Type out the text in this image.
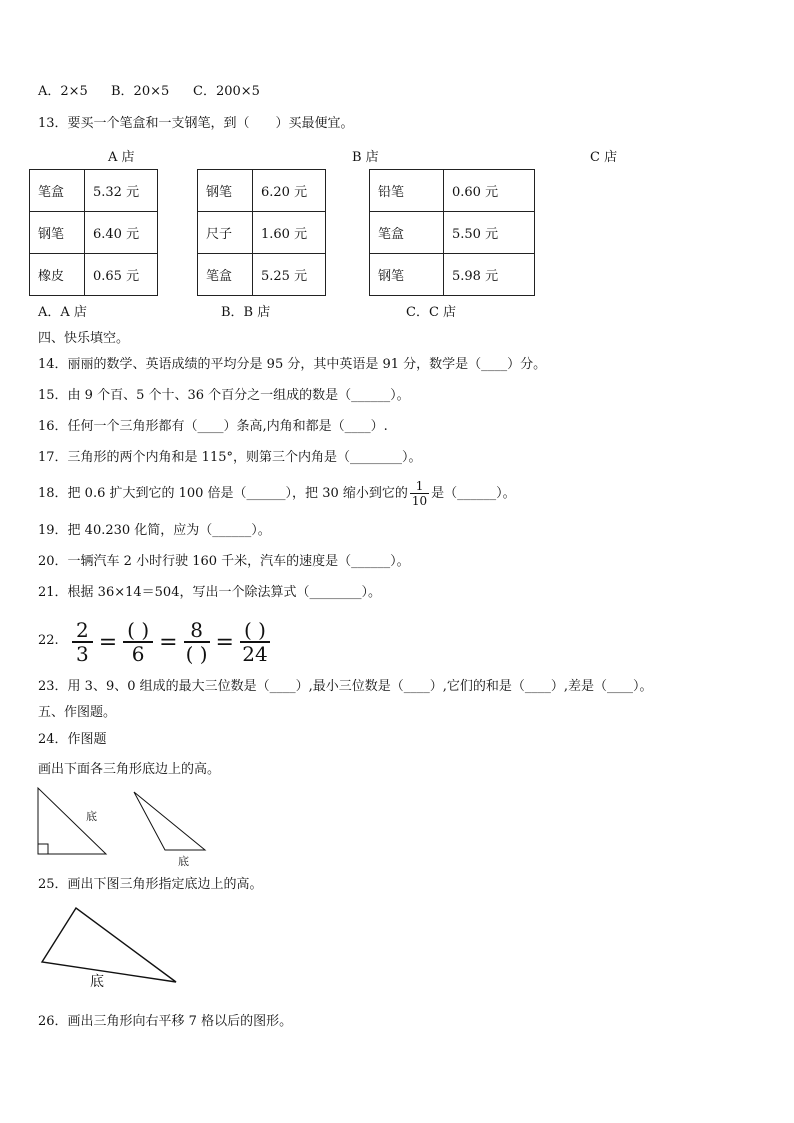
A．2×5 B．20×5 C．200×5
13．要买一个笔盒和一支钢笔，到（　　）买最便宜。
A 店	B 店	C 店
笔盒	5.32 元
钢笔	6.40 元
橡皮	0.65 元
钢笔	6.20 元
尺子	1.60 元
笔盒	5.25 元
铅笔	0.60 元
笔盒	5.50 元
钢笔	5.98 元
A．A 店	B．B 店	C．C 店
四、快乐填空。
14．丽丽的数学、英语成绩的平均分是 95 分，其中英语是 91 分，数学是（____）分。
15．由 9 个百、5 个十、36 个百分之一组成的数是（______）。
16．任何一个三角形都有（____）条高,内角和都是（____）.
17．三角形的两个内角和是 115°，则第三个内角是（________）。
18．把 0.6 扩大到它的 100 倍是（______），把 30 缩小到它的 $\frac{1}{10}$ 是（______）。
19．把 40.230 化简，应为（______）。
20．一辆汽车 2 小时行驶 160 千米，汽车的速度是（______）。
21．根据 36×14＝504，写出一个除法算式（________）。
22. $\frac{2}{3} = \frac{( )}{6} = \frac{8}{( )} = \frac{( )}{24}$
23．用 3、9、0 组成的最大三位数是（____）,最小三位数是（____）,它们的和是（____）,差是（____）。
五、作图题。
24．作图题
画出下面各三角形底边上的高。
底
底
25．画出下图三角形指定底边上的高。
底
26．画出三角形向右平移 7 格以后的图形。
